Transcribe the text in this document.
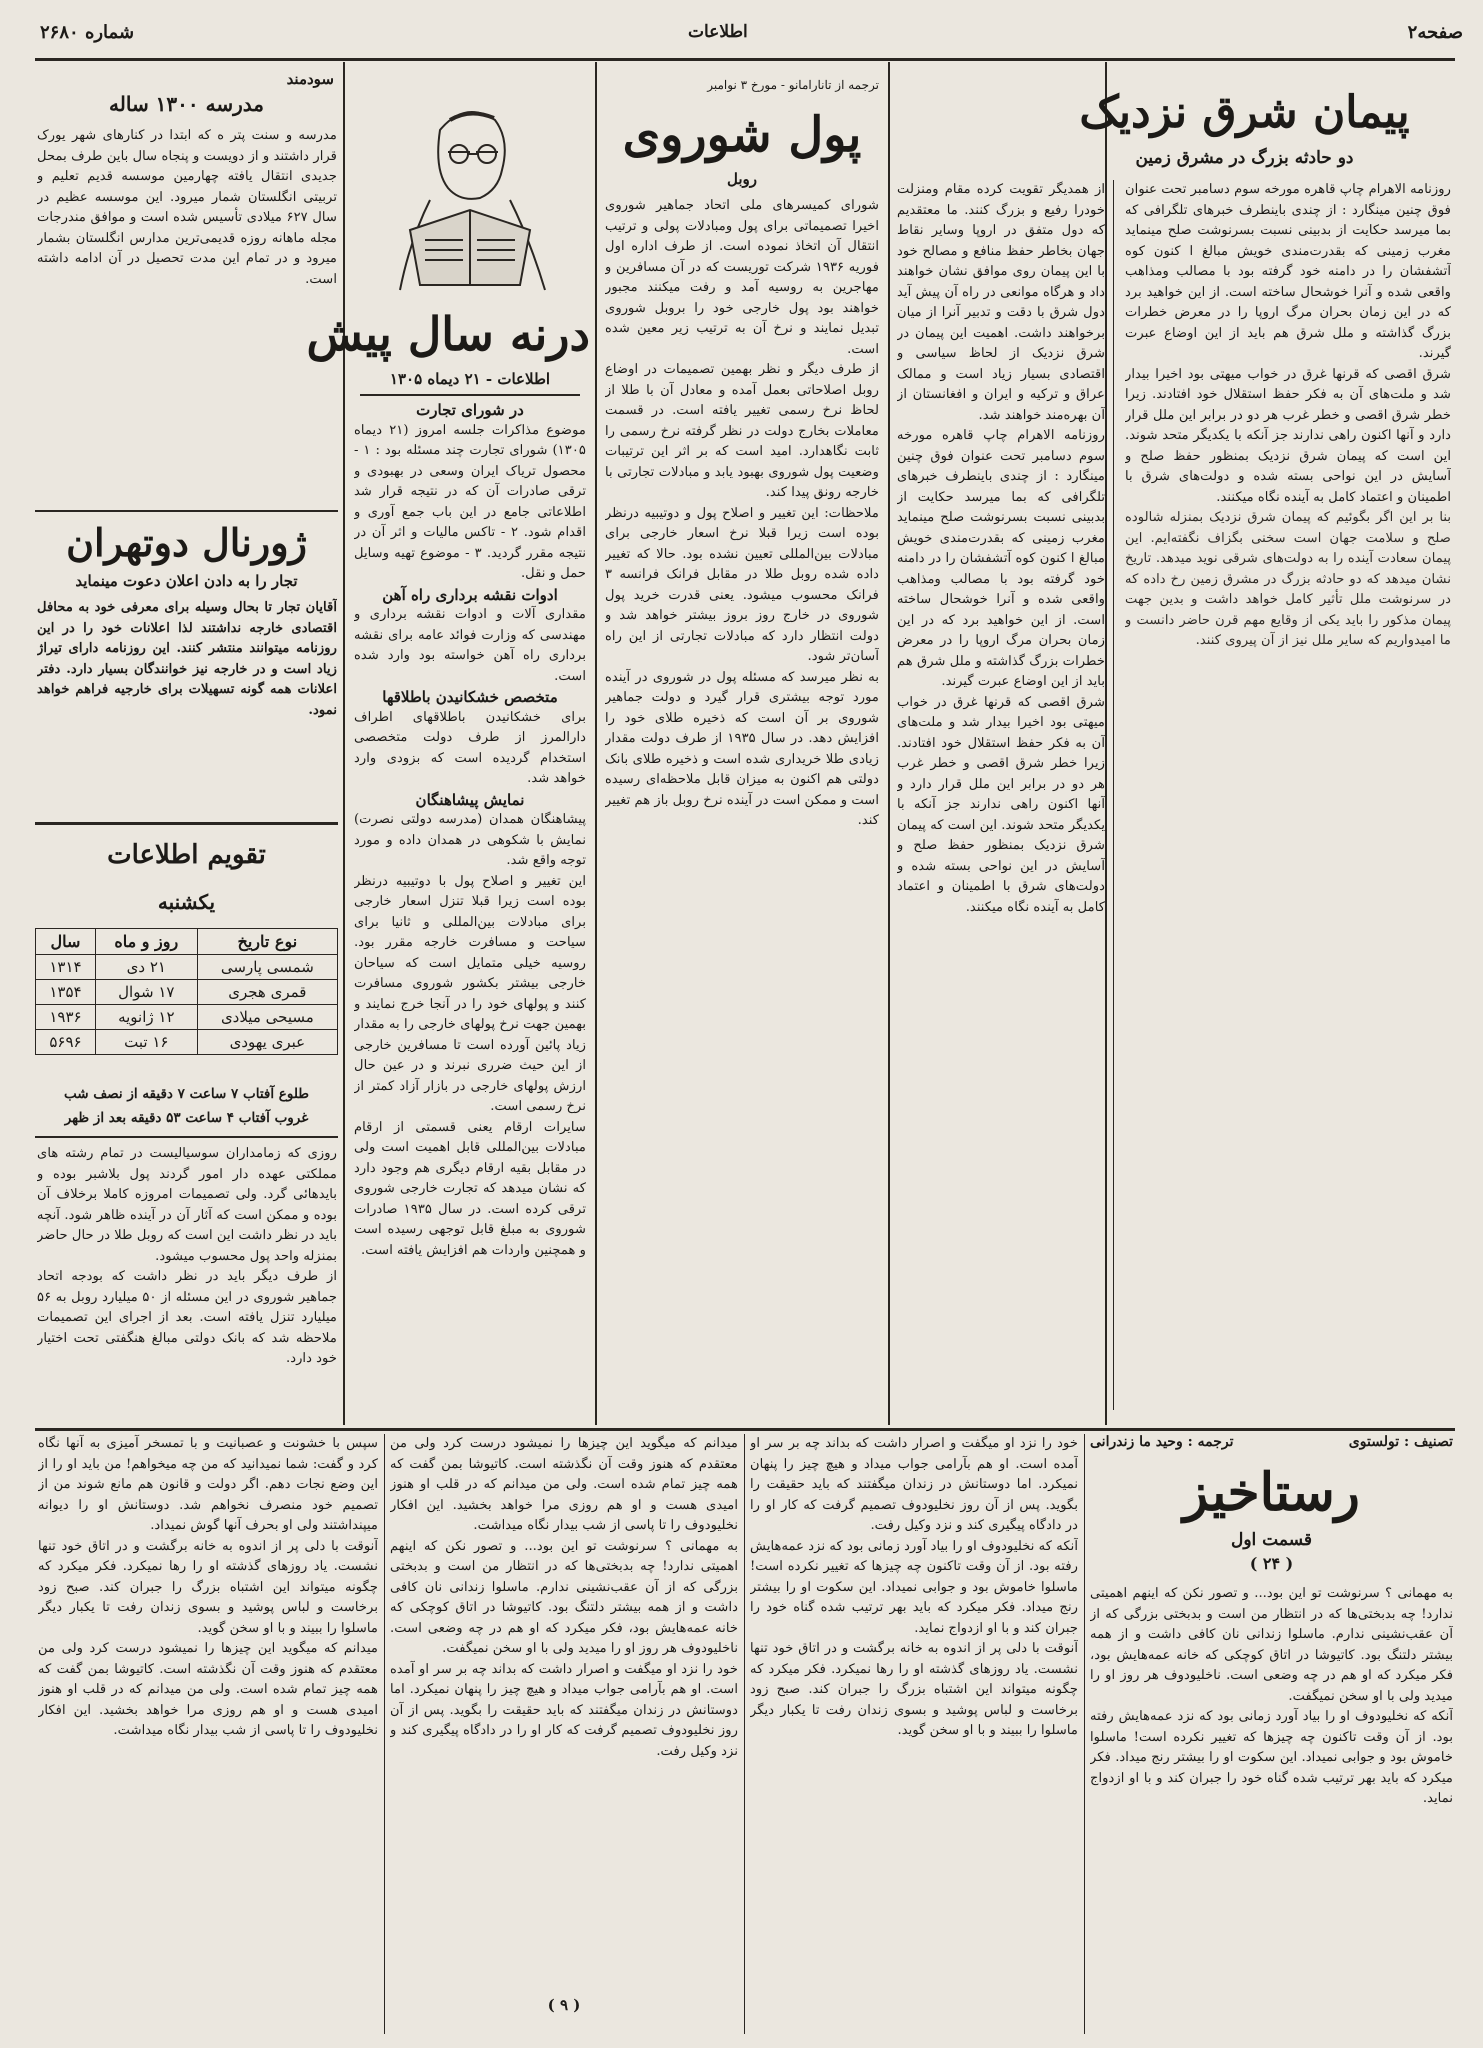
صفحه۲
اطلاعات
شماره ۲۶۸۰
پیمان شرق نزدیک
دو حادثه بزرگ در مشرق زمین

روزنامه الاهرام چاپ قاهره مورخه سوم دسامبر تحت عنوان فوق چنین مینگارد : از چندی باینطرف خبرهای تلگرافی که بما میرسد حکایت از بدبینی نسبت بسرنوشت صلح مینماید مغرب زمینی که بقدرت‌مندی خویش مبالغ‌ ا کنون کوه آتشفشان را در دامنه خود گرفته بود با مصالب ومذاهب واقعی شده و آنرا خوشحال ساخته است. از این خواهید برد که در این زمان بحران مرگ اروپا را در معرض خطرات بزرگ گذاشته و ملل شرق هم باید از این اوضاع عبرت گیرند.

شرق اقصی که قرنها غرق در خواب میهتی بود اخیرا بیدار شد و ملت‌های آن به فکر حفظ استقلال خود افتادند. زیرا خطر شرق اقصی و خطر غرب هر دو در برابر این ملل قرار دارد و آنها اکنون راهی ندارند جز آنکه با یکدیگر متحد شوند. این است که پیمان شرق نزدیک بمنظور حفظ صلح و آسایش در این نواحی بسته شده و دولت‌های شرق با اطمینان و اعتماد کامل به آینده نگاه میکنند.

بنا بر این اگر بگوئیم که پیمان شرق نزدیک بمنزله شالوده صلح و سلامت جهان است سخنی بگزاف نگفته‌ایم. این پیمان سعادت آینده را به دولت‌های شرقی نوید میدهد. تاریخ نشان میدهد که دو حادثه بزرگ در مشرق زمین رخ داده که در سرنوشت ملل تأثیر کامل خواهد داشت و بدین جهت پیمان مذکور را باید یکی از وقایع مهم قرن حاضر دانست و ما امیدواریم که سایر ملل نیز از آن پیروی کنند.

از همدیگر تقویت کرده مقام ومنزلت خودرا رفیع و بزرگ کنند. ما معتقدیم که دول متفق در اروپا وسایر نقاط جهان بخاطر حفظ منافع و مصالح خود با این پیمان روی موافق نشان خواهند داد و هرگاه موانعی در راه آن پیش آید دول شرق با دقت و تدبیر آنرا از میان برخواهند داشت. اهمیت این پیمان در شرق نزدیک از لحاظ سیاسی و اقتصادی بسیار زیاد است و ممالک عراق و ترکیه و ایران و افغانستان از آن بهره‌مند خواهند شد.

روزنامه الاهرام چاپ قاهره مورخه سوم دسامبر تحت عنوان فوق چنین مینگارد : از چندی باینطرف خبرهای تلگرافی که بما میرسد حکایت از بدبینی نسبت بسرنوشت صلح مینماید مغرب زمینی که بقدرت‌مندی خویش مبالغ‌ ا کنون کوه آتشفشان را در دامنه خود گرفته بود با مصالب ومذاهب واقعی شده و آنرا خوشحال ساخته است. از این خواهید برد که در این زمان بحران مرگ اروپا را در معرض خطرات بزرگ گذاشته و ملل شرق هم باید از این اوضاع عبرت گیرند.

شرق اقصی که قرنها غرق در خواب میهتی بود اخیرا بیدار شد و ملت‌های آن به فکر حفظ استقلال خود افتادند. زیرا خطر شرق اقصی و خطر غرب هر دو در برابر این ملل قرار دارد و آنها اکنون راهی ندارند جز آنکه با یکدیگر متحد شوند. این است که پیمان شرق نزدیک بمنظور حفظ صلح و آسایش در این نواحی بسته شده و دولت‌های شرق با اطمینان و اعتماد کامل به آینده نگاه میکنند.

ترجمه از تانارامانو - مورخ ۳ نوامبر
پول شوروی
روبل

شورای کمیسرهای ملی اتحاد جماهیر شوروی اخیرا تصمیماتی برای پول ومبادلات پولی و ترتیب انتقال آن اتخاذ نموده است. از طرف اداره اول فوریه ۱۹۳۶ شرکت توریست که در آن مسافرین و مهاجرین به روسیه آمد و رفت میکنند مجبور خواهند بود پول خارجی خود را بروبل شوروی تبدیل نمایند و نرخ آن به ترتیب زیر معین شده است.

از طرف دیگر و نظر بهمین تصمیمات در اوضاع روبل اصلاحاتی بعمل آمده و معادل آن با طلا از لحاظ نرخ رسمی تغییر یافته است. در قسمت معاملات بخارج دولت در نظر گرفته نرخ رسمی را ثابت نگاهدارد. امید است که بر اثر این ترتیبات وضعیت پول شوروی بهبود یابد و مبادلات تجارتی با خارجه رونق پیدا کند.

ملاحظات: این تغییر و اصلاح پول و دوتیبیه درنظر بوده است زیرا قبلا نرخ اسعار خارجی برای مبادلات بین‌المللی تعیین نشده بود. حالا که تغییر داده شده روبل طلا در مقابل فرانک فرانسه ۳ فرانک محسوب میشود. یعنی قدرت خرید پول شوروی در خارج روز بروز بیشتر خواهد شد و دولت انتظار دارد که مبادلات تجارتی از این راه آسان‌تر شود.

به نظر میرسد که مسئله پول در شوروی در آینده مورد توجه بیشتری قرار گیرد و دولت جماهیر شوروی بر آن است که ذخیره طلای خود را افزایش دهد. در سال ۱۹۳۵ از طرف دولت مقدار زیادی طلا خریداری شده است و ذخیره طلای بانک دولتی هم اکنون به میزان قابل ملاحظه‌ای رسیده است و ممکن است در آینده نرخ روبل باز هم تغییر کند.

درنه سال پیش
اطلاعات - ۲۱ دیماه ۱۳۰۵

در شورای تجارت

موضوع مذاکرات جلسه امروز (۲۱ دیماه ۱۳۰۵) شورای تجارت چند مسئله بود : ۱ - محصول تریاک ایران وسعی در بهبودی و ترقی صادرات آن که در نتیجه قرار شد اطلاعاتی جامع در این باب جمع آوری و اقدام شود. ۲ - تاکس مالیات و اثر آن در نتیجه مقرر گردید. ۳ - موضوع تهیه وسایل حمل و نقل.

ادوات نقشه برداری راه آهن

مقداری آلات و ادوات نقشه برداری و مهندسی که وزارت فوائد عامه برای نقشه برداری راه آهن خواسته بود وارد شده است.

متخصص خشکانیدن باطلاقها

برای خشکانیدن باطلاقهای اطراف دارالمرز از طرف دولت متخصصی استخدام گردیده است که بزودی وارد خواهد شد.

نمایش پیشاهنگان

پیشاهنگان همدان (مدرسه دولتی نصرت) نمایش با شکوهی در همدان داده و مورد توجه واقع شد.

این تغییر و اصلاح پول با دوتیبیه درنظر بوده است زیرا قبلا تنزل اسعار خارجی برای مبادلات بین‌المللی و ثانیا برای سیاحت و مسافرت خارجه مقرر بود. روسیه خیلی متمایل است که سیاحان خارجی بیشتر بکشور شوروی مسافرت کنند و پولهای خود را در آنجا خرج نمایند و بهمین جهت نرخ پولهای خارجی را به مقدار زیاد پائین آورده است تا مسافرین خارجی از این حیث ضرری نبرند و در عین حال ارزش پولهای خارجی در بازار آزاد کمتر از نرخ رسمی است.

سایرات ارقام یعنی قسمتی از ارقام مبادلات بین‌المللی قابل اهمیت است ولی در مقابل بقیه ارقام دیگری هم وجود دارد که نشان میدهد که تجارت خارجی شوروی ترقی کرده است. در سال ۱۹۳۵ صادرات شوروی به مبلغ قابل توجهی رسیده است و همچنین واردات هم افزایش یافته است.

سودمند
مدرسه ۱۳۰۰ ساله

مدرسه و سنت پتر ه که ابتدا در کنارهای شهر یورک قرار داشتند و از دویست و پنجاه سال باین طرف بمحل جدیدی انتقال یافته چهارمین موسسه قدیم تعلیم و تربیتی انگلستان شمار میرود. این موسسه عظیم در سال ۶۲۷ میلادی تأسیس شده است و موافق مندرجات مجله ماهانه روزه قدیمی‌ترین مدارس انگلستان بشمار میرود و در تمام این مدت تحصیل در آن ادامه داشته است.

ژورنال دوتهران
تجار را به دادن اعلان دعوت مینماید

آقایان تجار تا بحال وسیله برای معرفی خود به محافل اقتصادی خارجه نداشتند لذا اعلانات خود را در این روزنامه میتوانند منتشر کنند. این روزنامه دارای تیراژ زیاد است و در خارجه نیز خوانندگان بسیار دارد. دفتر اعلانات همه گونه تسهیلات برای خارجیه فراهم خواهد نمود.

تقویم اطلاعات
یکشنبه
نوع تاریخ	روز و ماه	سال
شمسی پارسی	۲۱ دی	۱۳۱۴
قمری هجری	۱۷ شوال	۱۳۵۴
مسیحی میلادی	۱۲ ژانویه	۱۹۳۶
عبری یهودی	۱۶ تبت	۵۶۹۶
طلوع آفتاب ۷ ساعت ۷ دقیقه از نصف شب
غروب آفتاب ۴ ساعت ۵۳ دقیقه بعد از ظهر

روزی که زمامداران سوسیالیست در تمام رشته های مملکتی عهده دار امور گردند پول بلاشبر بوده و بایدهائی گرد. ولی تصمیمات امروزه کاملا برخلاف آن بوده و ممکن است که آثار آن در آینده ظاهر شود. آنچه باید در نظر داشت این است که روبل طلا در حال حاضر بمنزله واحد پول محسوب میشود.

از طرف دیگر باید در نظر داشت که بودجه اتحاد جماهیر شوروی در این مسئله از ۵۰ میلیارد روبل به ۵۶ میلیارد تنزل یافته است. بعد از اجرای این تصمیمات ملاحظه شد که بانک دولتی مبالغ هنگفتی تحت اختیار خود دارد.

تصنیف : تولستوی
ترجمه : وحید ما زندرانی
رستاخیز
قسمت اول
( ۲۴ )

به مهمانی ؟ سرنوشت تو این بود... و تصور نکن که اینهم اهمیتی ندارد! چه بدبختی‌ها که در انتظار من است و بدبختی بزرگی که از آن عقب‌نشینی ندارم. ماسلوا زندانی نان کافی داشت و از همه بیشتر دلتنگ بود. کاتیوشا در اتاق کوچکی که خانه عمه‌هایش بود، فکر میکرد که او هم در چه وضعی است. ناخلیودوف هر روز او را میدید ولی با او سخن نمیگفت.

آنکه که نخلیودوف او را بیاد آورد زمانی بود که نزد عمه‌هایش رفته بود. از آن وقت تاکنون چه چیزها که تغییر نکرده است! ماسلوا خاموش بود و جوابی نمیداد. این سکوت او را بیشتر رنج میداد. فکر میکرد که باید بهر ترتیب شده گناه خود را جبران کند و با او ازدواج نماید.

خود را نزد او میگفت و اصرار داشت که بداند چه بر سر او آمده است. او هم بآرامی جواب میداد و هیچ چیز را پنهان نمیکرد. اما دوستانش در زندان میگفتند که باید حقیقت را بگوید. پس از آن روز نخلیودوف تصمیم گرفت که کار او را در دادگاه پیگیری کند و نزد وکیل رفت.

آنکه که نخلیودوف او را بیاد آورد زمانی بود که نزد عمه‌هایش رفته بود. از آن وقت تاکنون چه چیزها که تغییر نکرده است! ماسلوا خاموش بود و جوابی نمیداد. این سکوت او را بیشتر رنج میداد. فکر میکرد که باید بهر ترتیب شده گناه خود را جبران کند و با او ازدواج نماید.

آنوقت با دلی پر از اندوه به خانه برگشت و در اتاق خود تنها نشست. یاد روزهای گذشته او را رها نمیکرد. فکر میکرد که چگونه میتواند این اشتباه بزرگ را جبران کند. صبح زود برخاست و لباس پوشید و بسوی زندان رفت تا یکبار دیگر ماسلوا را ببیند و با او سخن گوید.

میدانم که میگوید این چیزها را نمیشود درست کرد ولی من معتقدم که هنوز وقت آن نگذشته است. کاتیوشا بمن گفت که همه چیز تمام شده است. ولی من میدانم که در قلب او هنوز امیدی هست و او هم روزی مرا خواهد بخشید. این افکار نخلیودوف را تا پاسی از شب بیدار نگاه میداشت.

به مهمانی ؟ سرنوشت تو این بود... و تصور نکن که اینهم اهمیتی ندارد! چه بدبختی‌ها که در انتظار من است و بدبختی بزرگی که از آن عقب‌نشینی ندارم. ماسلوا زندانی نان کافی داشت و از همه بیشتر دلتنگ بود. کاتیوشا در اتاق کوچکی که خانه عمه‌هایش بود، فکر میکرد که او هم در چه وضعی است. ناخلیودوف هر روز او را میدید ولی با او سخن نمیگفت.

خود را نزد او میگفت و اصرار داشت که بداند چه بر سر او آمده است. او هم بآرامی جواب میداد و هیچ چیز را پنهان نمیکرد. اما دوستانش در زندان میگفتند که باید حقیقت را بگوید. پس از آن روز نخلیودوف تصمیم گرفت که کار او را در دادگاه پیگیری کند و نزد وکیل رفت.

( ۹ )

سپس با خشونت و عصبانیت و با تمسخر آمیزی به آنها نگاه کرد و گفت: شما نمیدانید که من چه میخواهم! من باید او را از این وضع نجات دهم. اگر دولت و قانون هم مانع شوند من از تصمیم خود منصرف نخواهم شد. دوستانش او را دیوانه میپنداشتند ولی او بحرف آنها گوش نمیداد.

آنوقت با دلی پر از اندوه به خانه برگشت و در اتاق خود تنها نشست. یاد روزهای گذشته او را رها نمیکرد. فکر میکرد که چگونه میتواند این اشتباه بزرگ را جبران کند. صبح زود برخاست و لباس پوشید و بسوی زندان رفت تا یکبار دیگر ماسلوا را ببیند و با او سخن گوید.

میدانم که میگوید این چیزها را نمیشود درست کرد ولی من معتقدم که هنوز وقت آن نگذشته است. کاتیوشا بمن گفت که همه چیز تمام شده است. ولی من میدانم که در قلب او هنوز امیدی هست و او هم روزی مرا خواهد بخشید. این افکار نخلیودوف را تا پاسی از شب بیدار نگاه میداشت.
